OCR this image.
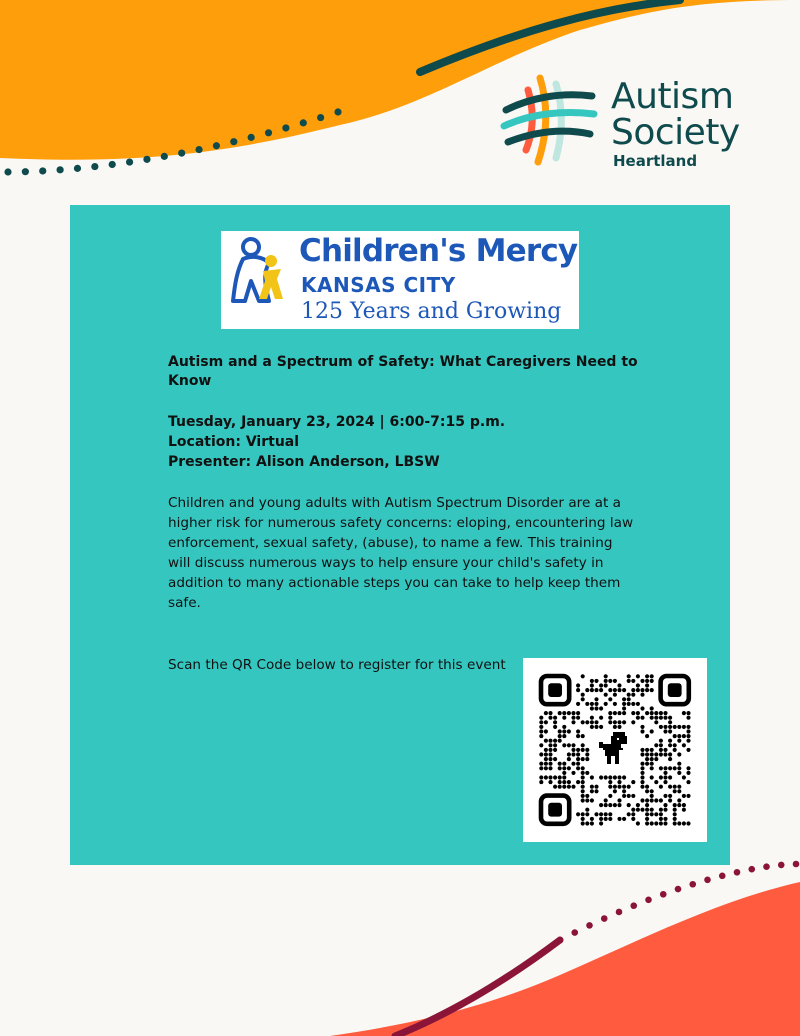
Autism
Society
Heartland
Children's Mercy
KANSAS CITY
125 Years and Growing

Autism and a Spectrum of Safety: What Caregivers Need to Know

Tuesday, January 23, 2024 | 6:00-7:15 p.m.
Location: Virtual
Presenter: Alison Anderson, LBSW
Children and young adults with Autism Spectrum Disorder are at a higher risk for numerous safety concerns: eloping, encountering law enforcement, sexual safety, (abuse), to name a few. This training will discuss numerous ways to help ensure your child's safety in addition to many actionable steps you can take to help keep them safe.
Scan the QR Code below to register for this event
